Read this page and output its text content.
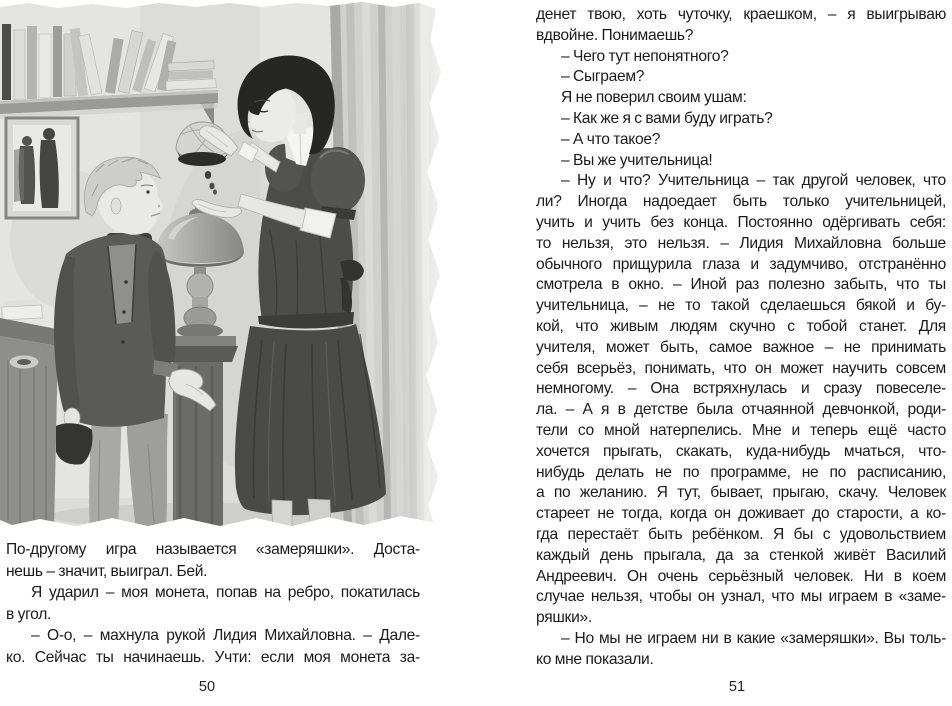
По-другому игра называется «замеряшки». Доста-
нешь – значит, выиграл. Бей.
Я ударил – моя монета, попав на ребро, покатилась
в угол.
– О-о, – махнула рукой Лидия Михайловна. – Дале-
ко. Сейчас ты начинаешь. Учти: если моя монета за-
50
денет твою, хоть чуточку, краешком, – я выигрываю
вдвойне. Понимаешь?
– Чего тут непонятного?
– Сыграем?
Я не поверил своим ушам:
– Как же я с вами буду играть?
– А что такое?
– Вы же учительница!
– Ну и что? Учительница – так другой человек, что
ли? Иногда надоедает быть только учительницей,
учить и учить без конца. Постоянно одёргивать себя:
то нельзя, это нельзя. – Лидия Михайловна больше
обычного прищурила глаза и задумчиво, отстранённо
смотрела в окно. – Иной раз полезно забыть, что ты
учительница, – не то такой сделаешься бякой и бу-
кой, что живым людям скучно с тобой станет. Для
учителя, может быть, самое важное – не принимать
себя всерьёз, понимать, что он может научить совсем
немногому. – Она встряхнулась и сразу повеселе-
ла. – А я в детстве была отчаянной девчонкой, роди-
тели со мной натерпелись. Мне и теперь ещё часто
хочется прыгать, скакать, куда-нибудь мчаться, что-
нибудь делать не по программе, не по расписанию,
а по желанию. Я тут, бывает, прыгаю, скачу. Человек
стареет не тогда, когда он доживает до старости, а ко-
гда перестаёт быть ребёнком. Я бы с удовольствием
каждый день прыгала, да за стенкой живёт Василий
Андреевич. Он очень серьёзный человек. Ни в коем
случае нельзя, чтобы он узнал, что мы играем в «заме-
ряшки».
– Но мы не играем ни в какие «замеряшки». Вы толь-
ко мне показали.
51
